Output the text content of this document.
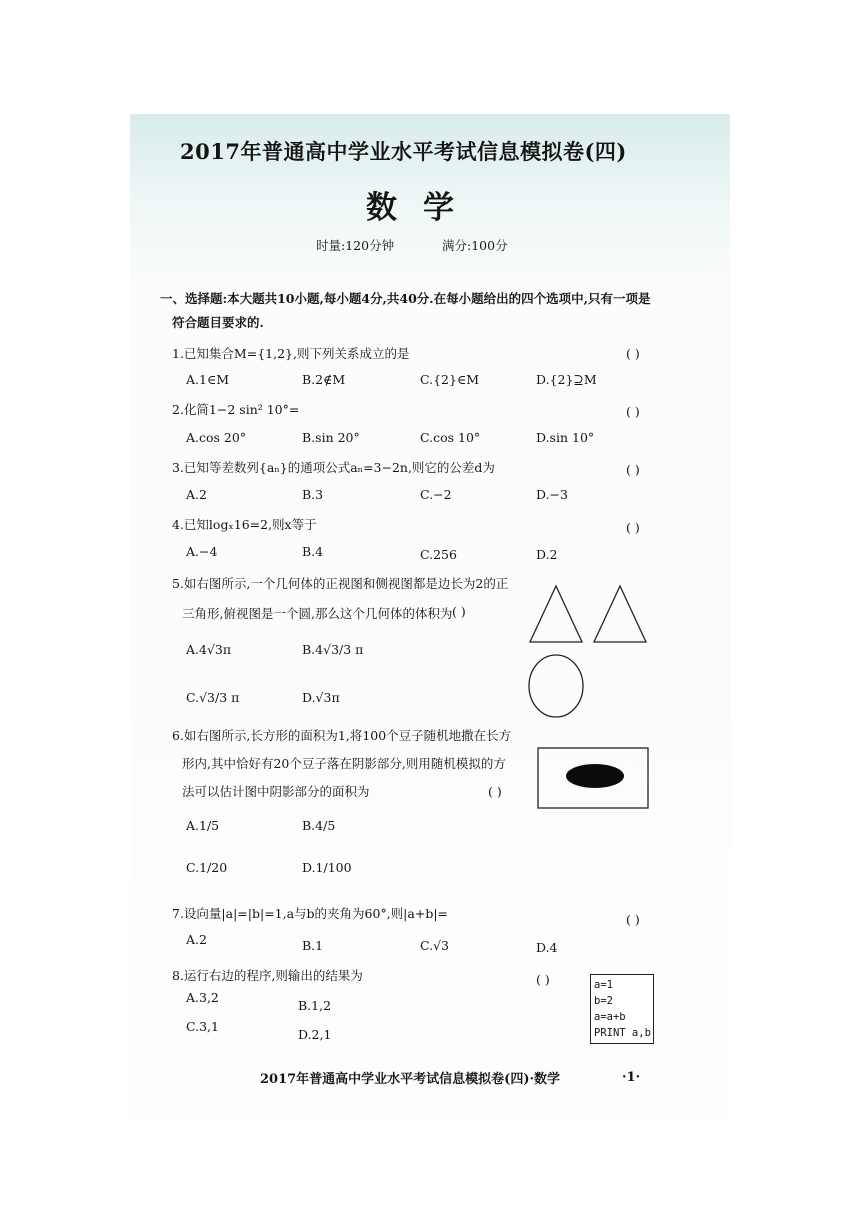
2017年普通高中学业水平考试信息模拟卷(四)
数学
时量:120分钟	满分:100分
一、选择题:本大题共10小题,每小题4分,共40分.在每小题给出的四个选项中,只有一项是
符合题目要求的.
1.已知集合M={1,2},则下列关系成立的是	( )
A.1∈M	B.2∉M	C.{2}∈M	D.{2}⊇M
2.化简1−2 sin² 10°=	( )
A.cos 20°	B.sin 20°	C.cos 10°	D.sin 10°
3.已知等差数列{aₙ}的通项公式aₙ=3−2n,则它的公差d为	( )
A.2	B.3	C.−2	D.−3
4.已知logₓ16=2,则x等于	( )
A.−4	B.4	C.256	D.2
5.如右图所示,一个几何体的正视图和侧视图都是边长为2的正
三角形,俯视图是一个圆,那么这个几何体的体积为 ( )
A.4√3π	B.4√3/3 π
C.√3/3 π	D.√3π
6.如右图所示,长方形的面积为1,将100个豆子随机地撒在长方
形内,其中恰好有20个豆子落在阴影部分,则用随机模拟的方
法可以估计图中阴影部分的面积为	( )
A.1/5	B.4/5
C.1/20	D.1/100
7.设向量|a|=|b|=1,a与b的夹角为60°,则|a+b|=	( )
A.2	B.1	C.√3	D.4
8.运行右边的程序,则输出的结果为	( )
A.3,2
B.1,2
C.3,1
D.2,1
a=1
b=2
a=a+b
PRINT a,b
2017年普通高中学业水平考试信息模拟卷(四)·数学	·1·
